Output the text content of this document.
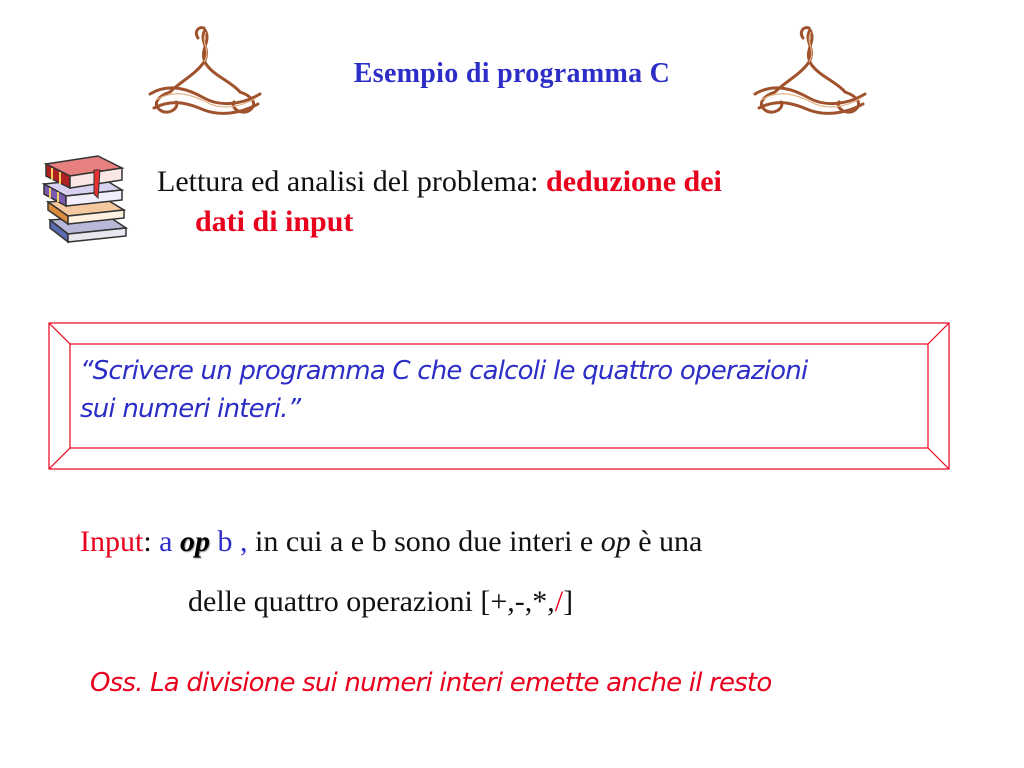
Esempio di programma C
Lettura ed analisi del problema: deduzione dei
dati di input
“Scrivere un programma C che calcoli le quattro operazioni
sui numeri interi.”
Input: a op b , in cui a e b sono due interi e op è una
delle quattro operazioni [+,-,*,/]
Oss. La divisione sui numeri interi emette anche il resto
